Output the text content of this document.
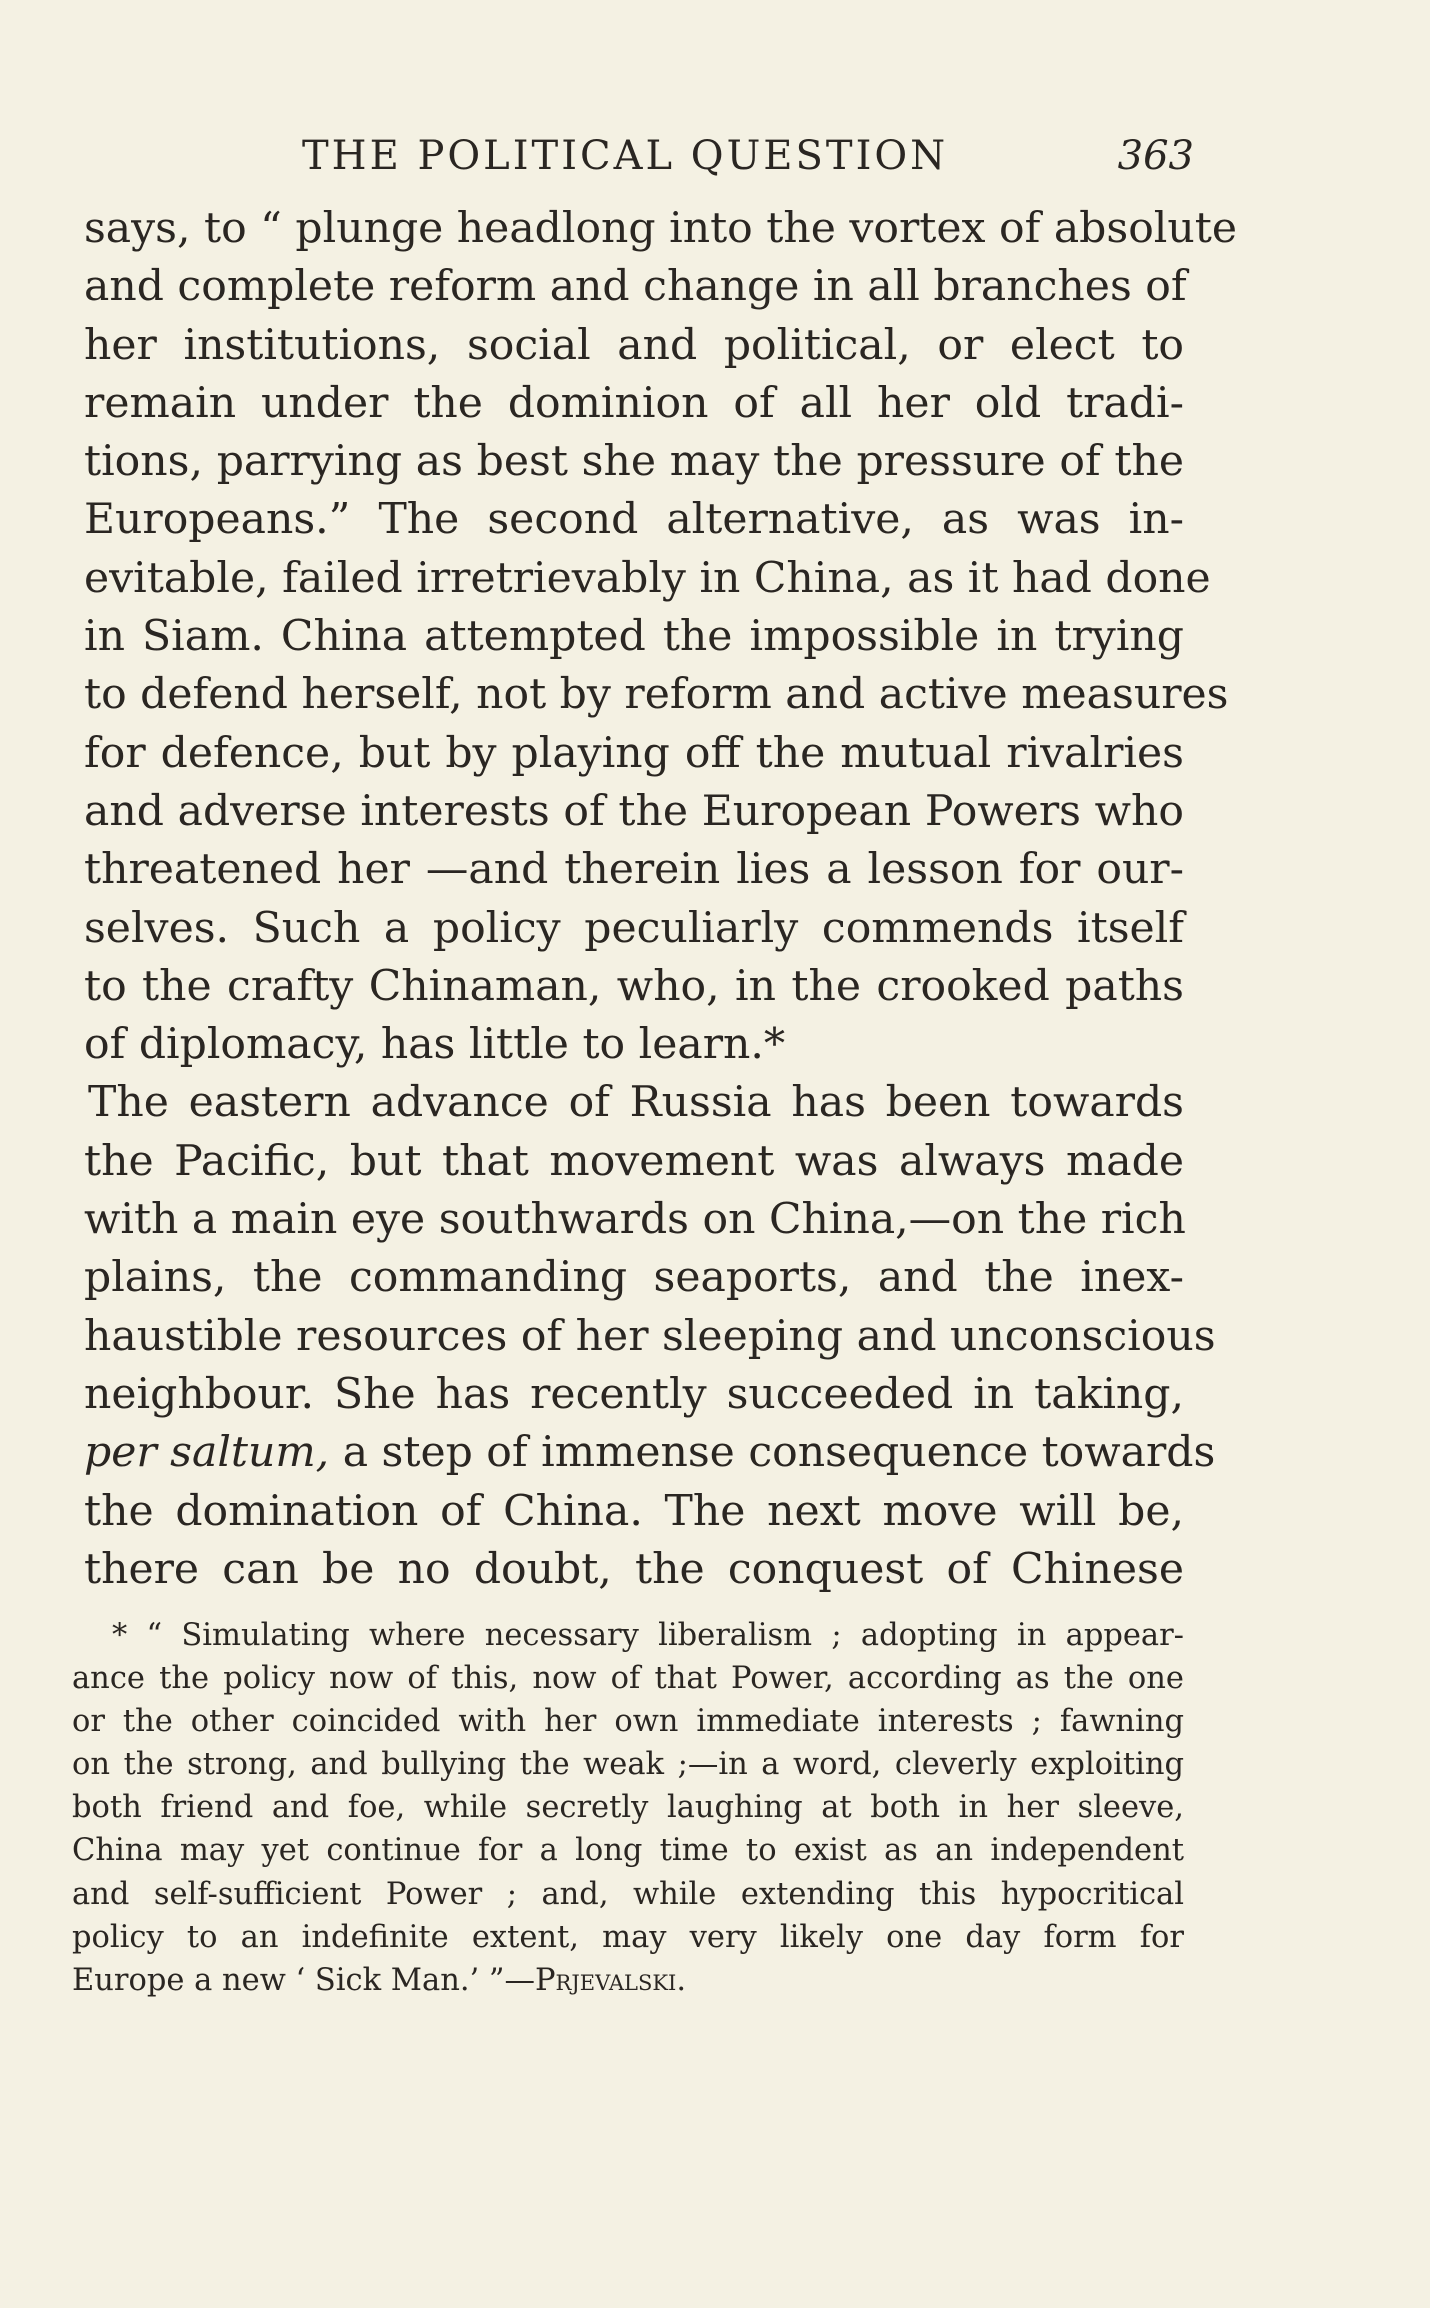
THE POLITICAL QUESTION	363
says, to “ plunge headlong into the vortex of absolute
and complete reform and change in all branches of
her institutions, social and political, or elect to
remain under the dominion of all her old tradi-
tions, parrying as best she may the pressure of the
Europeans.” The second alternative, as was in-
evitable, failed irretrievably in China, as it had done
in Siam. China attempted the impossible in trying
to defend herself, not by reform and active measures
for defence, but by playing off the mutual rivalries
and adverse interests of the European Powers who
threatened her —and therein lies a lesson for our-
selves. Such a policy peculiarly commends itself
to the crafty Chinaman, who, in the crooked paths
of diplomacy, has little to learn.*
The eastern advance of Russia has been towards
the Pacific, but that movement was always made
with a main eye southwards on China,—on the rich
plains, the commanding seaports, and the inex-
haustible resources of her sleeping and unconscious
neighbour. She has recently succeeded in taking,
per saltum, a step of immense consequence towards
the domination of China. The next move will be,
there can be no doubt, the conquest of Chinese
* “ Simulating where necessary liberalism ; adopting in appear-
ance the policy now of this, now of that Power, according as the one
or the other coincided with her own immediate interests ; fawning
on the strong, and bullying the weak ;—in a word, cleverly exploiting
both friend and foe, while secretly laughing at both in her sleeve,
China may yet continue for a long time to exist as an independent
and self-sufficient Power ; and, while extending this hypocritical
policy to an indefinite extent, may very likely one day form for
Europe a new ‘ Sick Man.’ ”—Prjevalski.
